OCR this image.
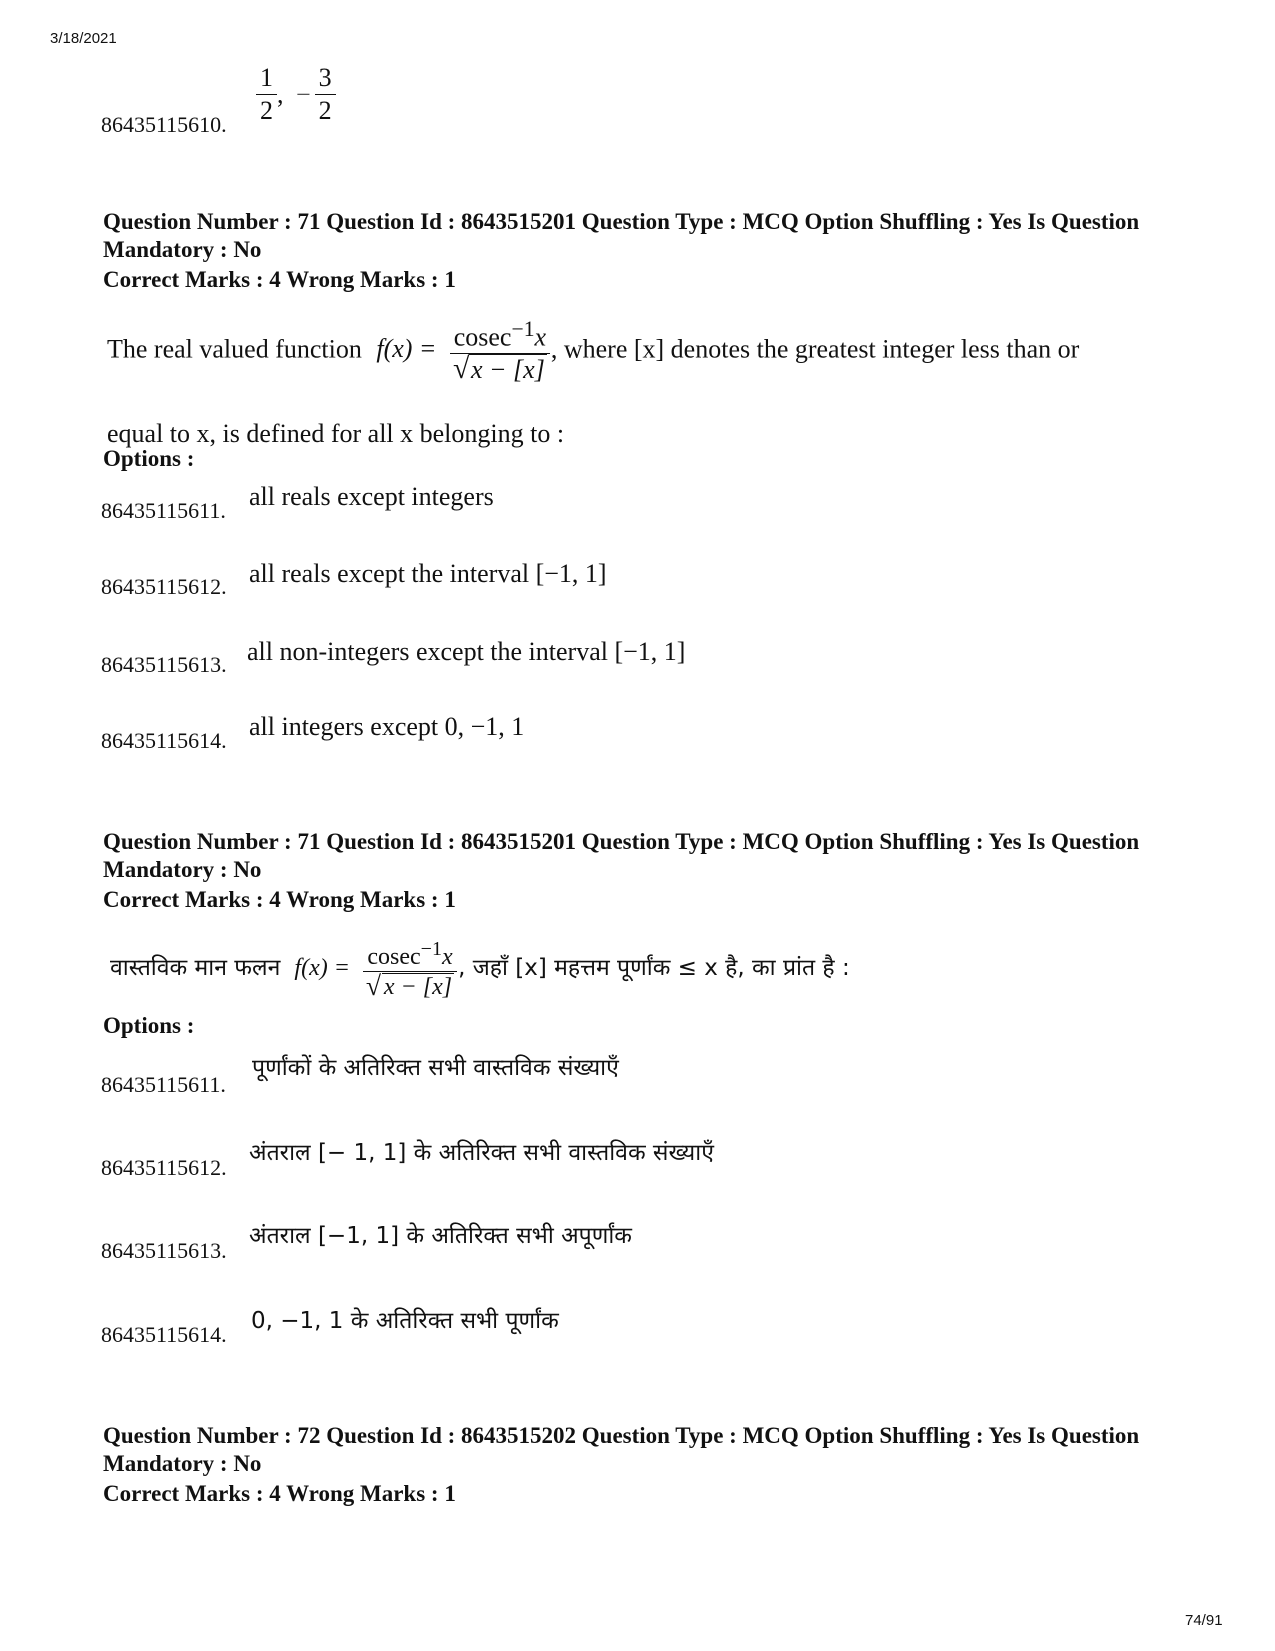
3/18/2021
74/91
86435115610. $\frac{1}{2}$ , − $\frac{3}{2}$
Question Number : 71 Question Id : 8643515201 Question Type : MCQ Option Shuffling : Yes Is Question Mandatory : No
Correct Marks : 4 Wrong Marks : 1
The real valued function f(x) = cosec$^{-1}$x
√ x − [x] , where [x] denotes the greatest integer less than or
equal to x, is defined for all x belonging to :
Options :
86435115611. all reals except integers
86435115612. all reals except the interval [−1, 1]
86435115613. all non-integers except the interval [−1, 1]
86435115614. all integers except 0, −1, 1
Question Number : 71 Question Id : 8643515201 Question Type : MCQ Option Shuffling : Yes Is Question Mandatory : No
Correct Marks : 4 Wrong Marks : 1
वास्तविक मान फलन f(x) = cosec$^{-1}$x
√ x − [x] , जहाँ [x] महत्तम पूर्णांक ≤ x है, का प्रांत है :
Options :
86435115611.
पूर्णांकों के अतिरिक्त सभी वास्तविक संख्याएँ
86435115612.
अंतराल [− 1, 1] के अतिरिक्त सभी वास्तविक संख्याएँ
86435115613.
अंतराल [−1, 1] के अतिरिक्त सभी अपूर्णांक
86435115614.
0, −1, 1 के अतिरिक्त सभी पूर्णांक
Question Number : 72 Question Id : 8643515202 Question Type : MCQ Option Shuffling : Yes Is Question Mandatory : No
Correct Marks : 4 Wrong Marks : 1
